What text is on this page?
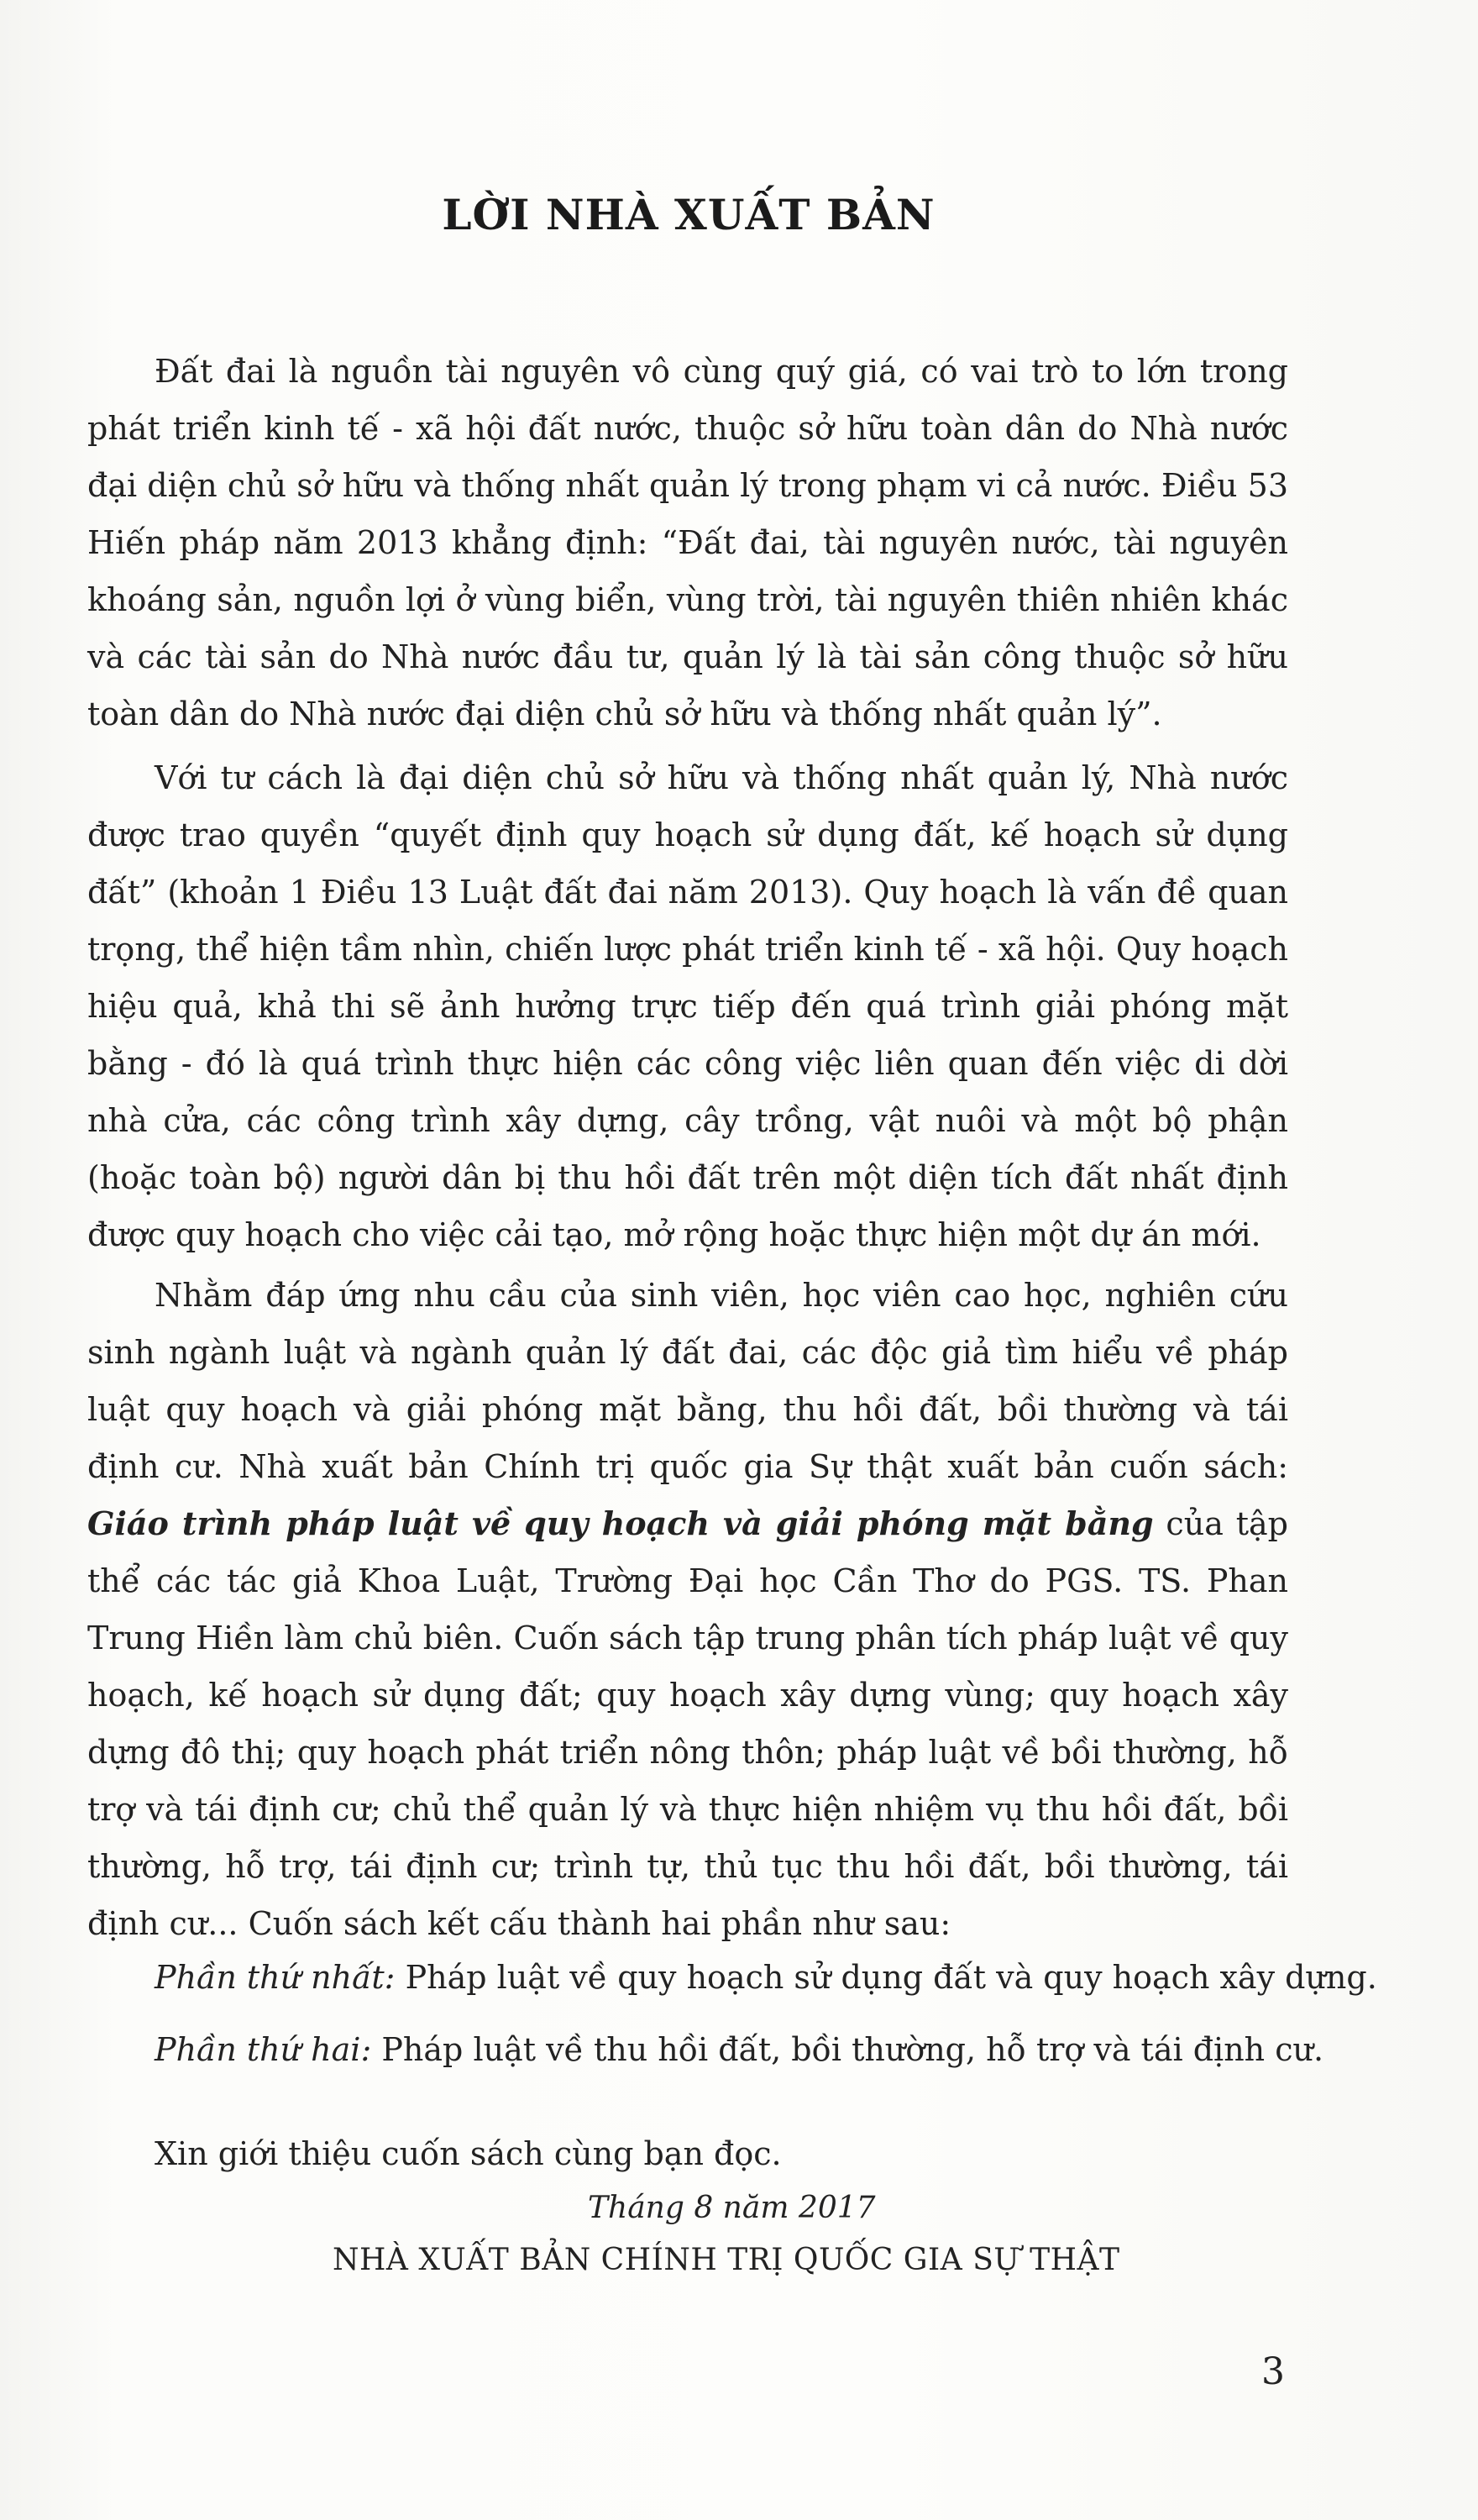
LỜI NHÀ XUẤT BẢN

Đất đai là nguồn tài nguyên vô cùng quý giá, có vai trò to lớn trong phát triển kinh tế - xã hội đất nước, thuộc sở hữu toàn dân do Nhà nước đại diện chủ sở hữu và thống nhất quản lý trong phạm vi cả nước. Điều 53 Hiến pháp năm 2013 khẳng định: “Đất đai, tài nguyên nước, tài nguyên khoáng sản, nguồn lợi ở vùng biển, vùng trời, tài nguyên thiên nhiên khác và các tài sản do Nhà nước đầu tư, quản lý là tài sản công thuộc sở hữu toàn dân do Nhà nước đại diện chủ sở hữu và thống nhất quản lý”.

Với tư cách là đại diện chủ sở hữu và thống nhất quản lý, Nhà nước được trao quyền “quyết định quy hoạch sử dụng đất, kế hoạch sử dụng đất” (khoản 1 Điều 13 Luật đất đai năm 2013). Quy hoạch là vấn đề quan trọng, thể hiện tầm nhìn, chiến lược phát triển kinh tế - xã hội. Quy hoạch hiệu quả, khả thi sẽ ảnh hưởng trực tiếp đến quá trình giải phóng mặt bằng - đó là quá trình thực hiện các công việc liên quan đến việc di dời nhà cửa, các công trình xây dựng, cây trồng, vật nuôi và một bộ phận (hoặc toàn bộ) người dân bị thu hồi đất trên một diện tích đất nhất định được quy hoạch cho việc cải tạo, mở rộng hoặc thực hiện một dự án mới.

Nhằm đáp ứng nhu cầu của sinh viên, học viên cao học, nghiên cứu sinh ngành luật và ngành quản lý đất đai, các độc giả tìm hiểu về pháp luật quy hoạch và giải phóng mặt bằng, thu hồi đất, bồi thường và tái định cư. Nhà xuất bản Chính trị quốc gia Sự thật xuất bản cuốn sách: Giáo trình pháp luật về quy hoạch và giải phóng mặt bằng của tập thể các tác giả Khoa Luật, Trường Đại học Cần Thơ do PGS. TS. Phan Trung Hiền làm chủ biên. Cuốn sách tập trung phân tích pháp luật về quy hoạch, kế hoạch sử dụng đất; quy hoạch xây dựng vùng; quy hoạch xây dựng đô thị; quy hoạch phát triển nông thôn; pháp luật về bồi thường, hỗ trợ và tái định cư; chủ thể quản lý và thực hiện nhiệm vụ thu hồi đất, bồi thường, hỗ trợ, tái định cư; trình tự, thủ tục thu hồi đất, bồi thường, tái định cư... Cuốn sách kết cấu thành hai phần như sau:

Phần thứ nhất: Pháp luật về quy hoạch sử dụng đất và quy hoạch xây dựng.
Phần thứ hai: Pháp luật về thu hồi đất, bồi thường, hỗ trợ và tái định cư.
Xin giới thiệu cuốn sách cùng bạn đọc.
Tháng 8 năm 2017
NHÀ XUẤT BẢN CHÍNH TRỊ QUỐC GIA SỰ THẬT
3
